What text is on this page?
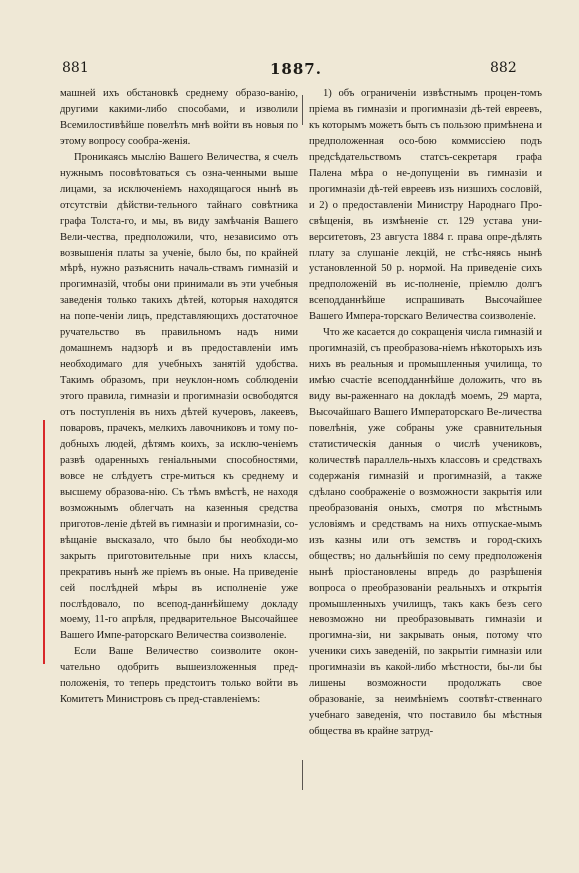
881	1887.	882

машней ихъ обстановкѣ среднему образо-ванію, другими какими-либо способами, и изволили Всемилостивѣйше повелѣть мнѣ войти въ новыя по этому вопросу сообра-женія.

Проникаясь мыслію Вашего Величества, я счелъ нужнымъ посовѣтоваться съ озна-ченными выше лицами, за исключеніемъ находящагося нынѣ въ отсутствіи дѣйстви-тельного тайнаго совѣтника графа Толста-го, и мы, въ виду замѣчанія Вашего Вели-чества, предположили, что, независимо отъ возвышенія платы за ученіе, было бы, по крайней мѣрѣ, нужно разъяснить началь-ствамъ гимназій и прогимназій, чтобы они принимали въ эти учебныя заведенія только такихъ дѣтей, которыя находятся на попе-ченіи лицъ, представляющихъ достаточное ручательство въ правильномъ надъ ними домашнемъ надзорѣ и въ предоставленіи имъ необходимаго для учебныхъ занятій удобства. Такимъ образомъ, при неуклон-номъ соблюденіи этого правила, гимназіи и прогимназіи освободятся отъ поступленія въ нихъ дѣтей кучеровъ, лакеевъ, поваровъ, прачекъ, мелкихъ лавочниковъ и тому по-добныхъ людей, дѣтямъ коихъ, за исклю-ченіемъ развѣ одаренныхъ геніальными способностями, вовсе не слѣдуетъ стре-миться къ среднему и высшему образова-нію. Съ тѣмъ вмѣстѣ, не находя возможнымъ облегчать на казенныя средства приготов-леніе дѣтей въ гимназіи и прогимназіи, со-вѣщаніе высказало, что было бы необходи-мо закрыть приготовительные при нихъ классы, прекративъ нынѣ же пріемъ въ оные. На приведеніе сей послѣдней мѣры въ исполненіе уже послѣдовало, по всепод-даннѣйшему докладу моему, 11-го апрѣля, предварительное Высочайшее Вашего Импе-раторскаго Величества соизволеніе.

Если Ваше Величество соизволите окон-чательно одобрить вышеизложенныя пред-положенія, то теперь предстоитъ только войти въ Комитетъ Министровъ съ пред-ставленіемъ:

1) объ ограниченіи извѣстнымъ процен-томъ пріема въ гимназіи и прогимназіи дѣ-тей евреевъ, къ которымъ можетъ быть съ пользою примѣнена и предположенная осо-бою коммиссіею подъ предсѣдательствомъ статсъ-секретаря графа Палена мѣра о не-допущеніи въ гимназіи и прогимназіи дѣ-тей евреевъ изъ низшихъ сословій, и 2) о предоставленіи Министру Народнаго Про-свѣщенія, въ измѣненіе ст. 129 устава уни-верситетовъ, 23 августа 1884 г. права опре-дѣлять плату за слушаніе лекцій, не стѣс-няясь нынѣ установленной 50 р. нормой. На приведеніе сихъ предположеній въ ис-полненіе, пріемлю долгъ всеподданнѣйше испрашивать Высочайшее Вашего Импера-торскаго Величества соизволеніе.

Что же касается до сокращенія числа гимназій и прогимназій, съ преобразова-ніемъ нѣкоторыхъ изъ нихъ въ реальныя и промышленныя училища, то имѣю счастіе всеподданнѣйше доложить, что въ виду вы-раженнаго на докладѣ моемъ, 29 марта, Высочайшаго Вашего Императорскаго Ве-личества повелѣнія, уже собраны уже сравнительныя статистическія данныя о числѣ учениковъ, количествѣ параллель-ныхъ классовъ и средствахъ содержанія гимназій и прогимназій, а также сдѣлано соображеніе о возможности закрытія или преобразованія оныхъ, смотря по мѣстнымъ условіямъ и средствамъ на нихъ отпускае-мымъ изъ казны или отъ земствъ и город-скихъ обществъ; но дальнѣйшія по сему предположенія нынѣ пріостановлены впредь до разрѣшенія вопроса о преобразованіи реальныхъ и открытія промышленныхъ училищъ, такъ какъ безъ сего невозможно ни преобразовывать гимназіи и прогимна-зіи, ни закрывать оныя, потому что ученики сихъ заведеній, по закрытіи гимназіи или прогимназіи въ какой-либо мѣстности, бы-ли бы лишены возможности продолжать свое образованіе, за неимѣніемъ соотвѣт-ственнаго учебнаго заведенія, что поставило бы мѣстныя общества въ крайне затруд-
